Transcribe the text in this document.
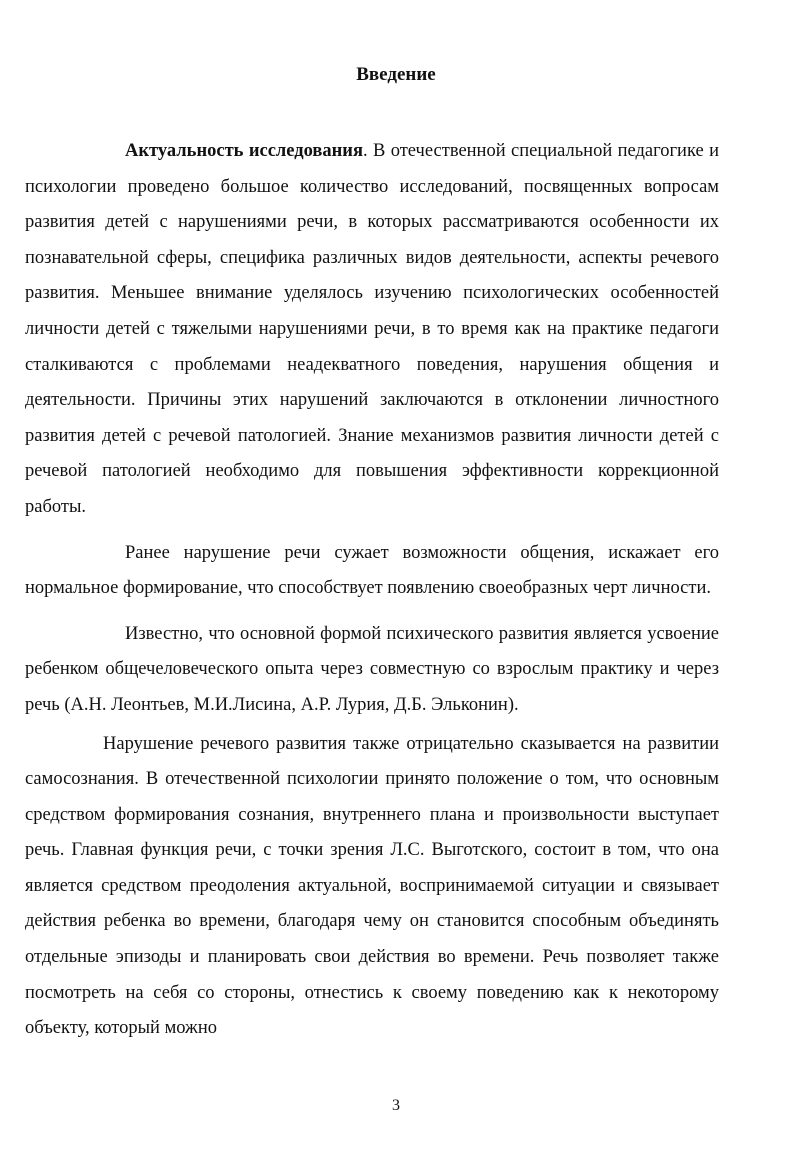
Введение

Актуальность исследования. В отечественной специальной педагогике и психологии проведено большое количество исследований, посвященных вопросам развития детей с нарушениями речи, в которых рассматриваются особенности их познавательной сферы, специфика различных видов деятельности, аспекты речевого развития. Меньшее внимание уделялось изучению психологических особенностей личности детей с тяжелыми нарушениями речи, в то время как на практике педагоги сталкиваются с проблемами неадекватного поведения, нарушения общения и деятельности. Причины этих нарушений заключаются в отклонении личностного развития детей с речевой патологией. Знание механизмов развития личности детей с речевой патологией необходимо для повышения эффективности коррекционной работы.

Ранее нарушение речи сужает возможности общения, искажает его нормальное формирование, что способствует появлению своеобразных черт личности.

Известно, что основной формой психического развития является усвоение ребенком общечеловеческого опыта через совместную со взрослым практику и через речь (А.Н. Леонтьев, М.И.Лисина, А.Р. Лурия, Д.Б. Эльконин).

Нарушение речевого развития также отрицательно сказывается на развитии самосознания. В отечественной психологии принято положение о том, что основным средством формирования сознания, внутреннего плана и произвольности выступает речь. Главная функция речи, с точки зрения Л.С. Выготского, состоит в том, что она является средством преодоления актуальной, воспринимаемой ситуации и связывает действия ребенка во времени, благодаря чему он становится способным объединять отдельные эпизоды и планировать свои действия во времени. Речь позволяет также посмотреть на себя со стороны, отнестись к своему поведению как к некоторому объекту, который можно

3
